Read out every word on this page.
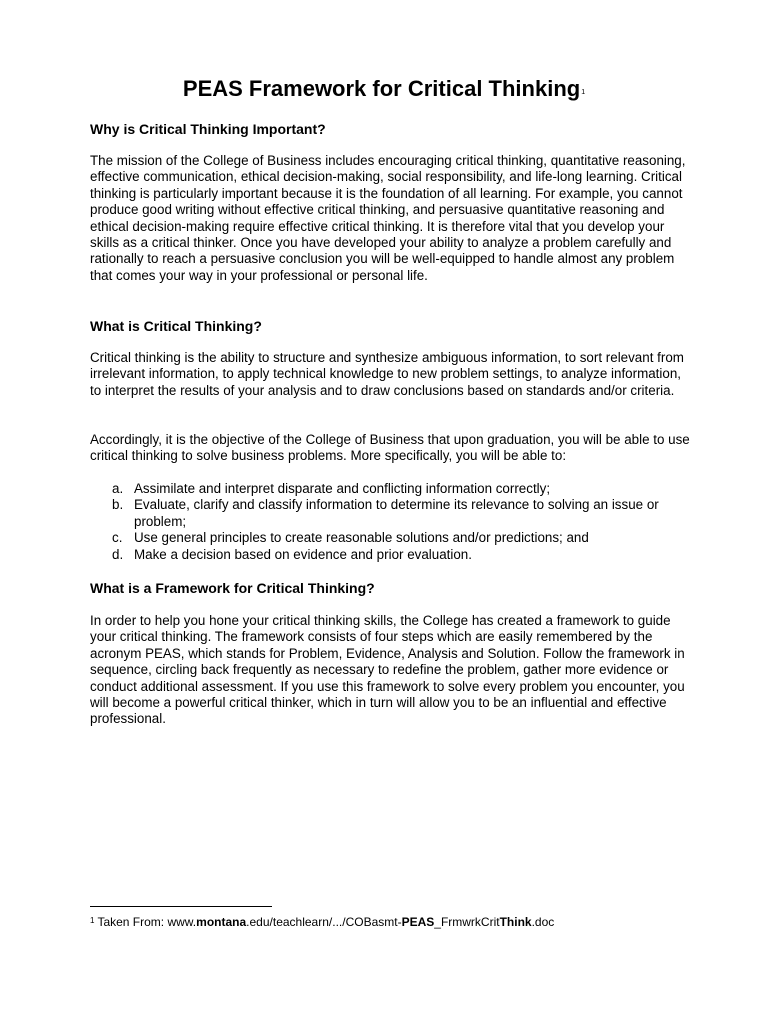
PEAS Framework for Critical Thinking$^1$
Why is Critical Thinking Important?

The mission of the College of Business includes encouraging critical thinking, quantitative reasoning, effective communication, ethical decision-making, social responsibility, and life-long learning. Critical thinking is particularly important because it is the foundation of all learning. For example, you cannot produce good writing without effective critical thinking, and persuasive quantitative reasoning and ethical decision-making require effective critical thinking. It is therefore vital that you develop your skills as a critical thinker. Once you have developed your ability to analyze a problem carefully and rationally to reach a persuasive conclusion you will be well-equipped to handle almost any problem that comes your way in your professional or personal life.

What is Critical Thinking?

Critical thinking is the ability to structure and synthesize ambiguous information, to sort relevant from irrelevant information, to apply technical knowledge to new problem settings, to analyze information, to interpret the results of your analysis and to draw conclusions based on standards and/or criteria.

Accordingly, it is the objective of the College of Business that upon graduation, you will be able to use critical thinking to solve business problems. More specifically, you will be able to:

a. Assimilate and interpret disparate and conflicting information correctly;
b. Evaluate, clarify and classify information to determine its relevance to solving an issue or problem;
c. Use general principles to create reasonable solutions and/or predictions; and
d. Make a decision based on evidence and prior evaluation.
What is a Framework for Critical Thinking?

In order to help you hone your critical thinking skills, the College has created a framework to guide your critical thinking. The framework consists of four steps which are easily remembered by the acronym PEAS, which stands for Problem, Evidence, Analysis and Solution. Follow the framework in sequence, circling back frequently as necessary to redefine the problem, gather more evidence or conduct additional assessment. If you use this framework to solve every problem you encounter, you will become a powerful critical thinker, which in turn will allow you to be an influential and effective professional.

$^1$ Taken From: www.montana.edu/teachlearn/.../COBasmt-PEAS_FrmwrkCritThink.doc
